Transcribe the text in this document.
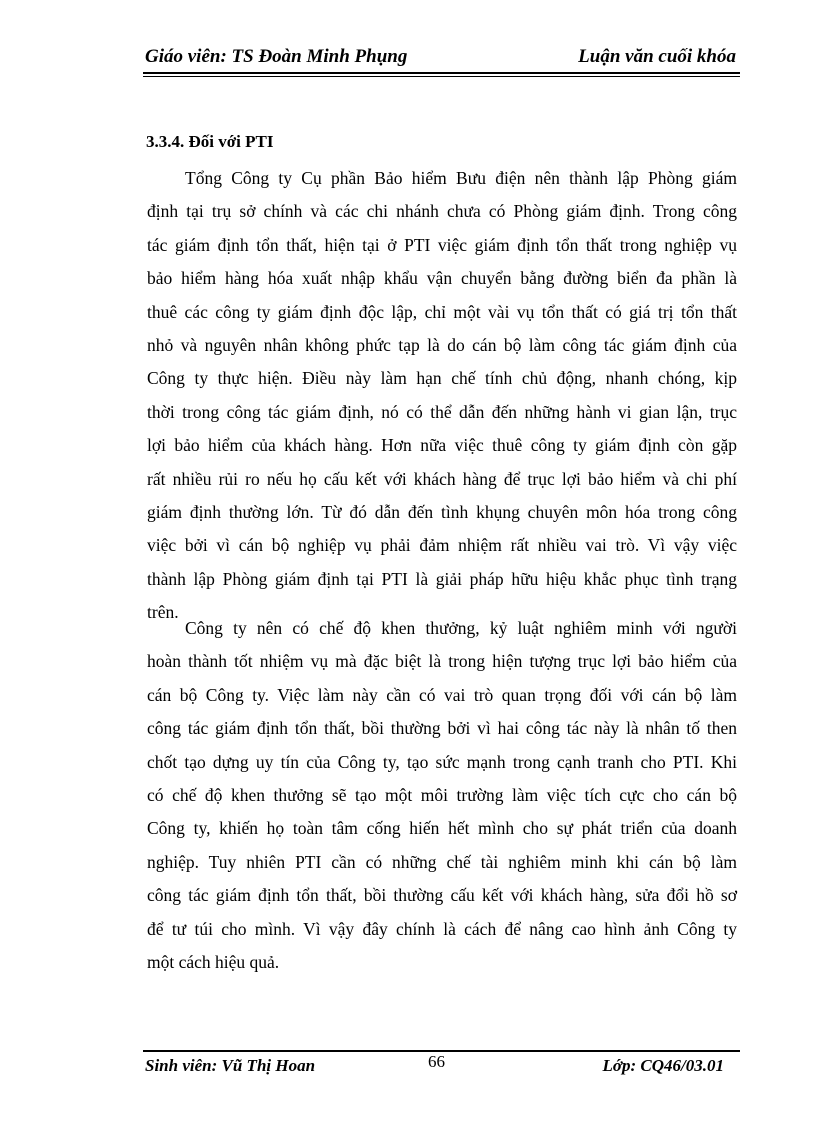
Giáo viên: TS Đoàn Minh Phụng	Luận văn cuối khóa
3.3.4. Đối với PTI
Tổng Công ty Cụ phần Bảo hiểm Bưu điện nên thành lập Phòng giám
định tại trụ sở chính và các chi nhánh chưa có Phòng giám định. Trong công
tác giám định tổn thất, hiện tại ở PTI việc giám định tổn thất trong nghiệp vụ
bảo hiểm hàng hóa xuất nhập khẩu vận chuyển bằng đường biển đa phần là
thuê các công ty giám định độc lập, chỉ một vài vụ tổn thất có giá trị tổn thất
nhỏ và nguyên nhân không phức tạp là do cán bộ làm công tác giám định của
Công ty thực hiện. Điều này làm hạn chế tính chủ động, nhanh chóng, kịp
thời trong công tác giám định, nó có thể dẫn đến những hành vi gian lận, trục
lợi bảo hiểm của khách hàng. Hơn nữa việc thuê công ty giám định còn gặp
rất nhiều rủi ro nếu họ cấu kết với khách hàng để trục lợi bảo hiểm và chi phí
giám định thường lớn. Từ đó dẫn đến tình khụng chuyên môn hóa trong công
việc bởi vì cán bộ nghiệp vụ phải đảm nhiệm rất nhiều vai trò. Vì vậy việc
thành lập Phòng giám định tại PTI là giải pháp hữu hiệu khắc phục tình trạng
trên.
Công ty nên có chế độ khen thưởng, kỷ luật nghiêm minh với người
hoàn thành tốt nhiệm vụ mà đặc biệt là trong hiện tượng trục lợi bảo hiểm của
cán bộ Công ty. Việc làm này cần có vai trò quan trọng đối với cán bộ làm
công tác giám định tổn thất, bồi thường bởi vì hai công tác này là nhân tố then
chốt tạo dựng uy tín của Công ty, tạo sức mạnh trong cạnh tranh cho PTI. Khi
có chế độ khen thưởng sẽ tạo một môi trường làm việc tích cực cho cán bộ
Công ty, khiến họ toàn tâm cống hiến hết mình cho sự phát triển của doanh
nghiệp. Tuy nhiên PTI cần có những chế tài nghiêm minh khi cán bộ làm
công tác giám định tổn thất, bồi thường cấu kết với khách hàng, sửa đổi hồ sơ
để tư túi cho mình. Vì vậy đây chính là cách để nâng cao hình ảnh Công ty
một cách hiệu quả.
Sinh viên: Vũ Thị Hoan	66	Lớp: CQ46/03.01
